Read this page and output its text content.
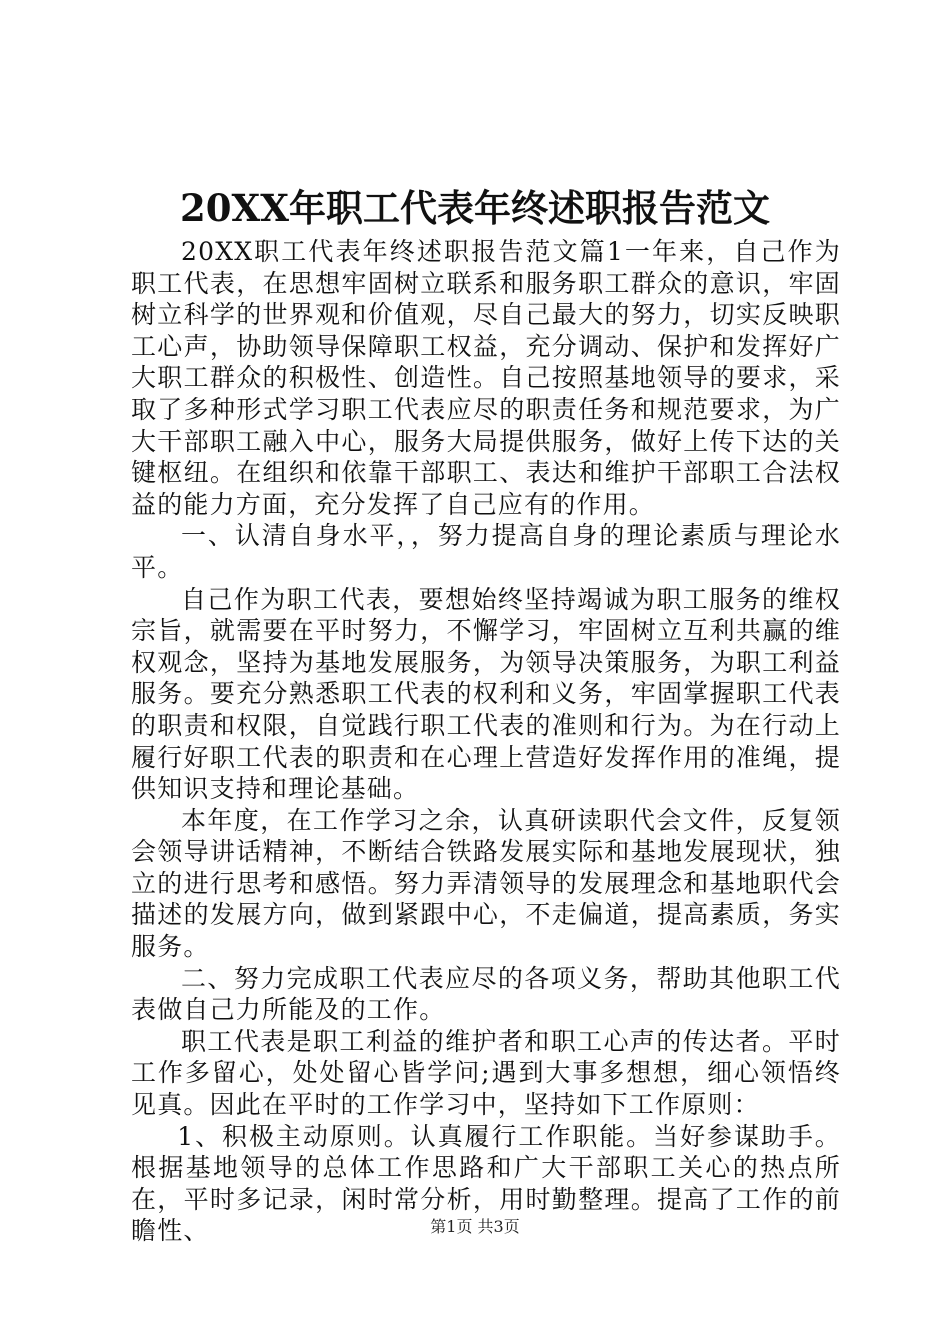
20XX年职工代表年终述职报告范文

20XX职工代表年终述职报告范文篇1一年来，自己作为职工代表，在思想牢固树立联系和服务职工群众的意识，牢固树立科学的世界观和价值观，尽自己最大的努力，切实反映职工心声，协助领导保障职工权益，充分调动、保护和发挥好广大职工群众的积极性、创造性。自己按照基地领导的要求，采取了多种形式学习职工代表应尽的职责任务和规范要求，为广大干部职工融入中心，服务大局提供服务，做好上传下达的关键枢纽。在组织和依靠干部职工、表达和维护干部职工合法权益的能力方面，充分发挥了自己应有的作用。

一、认清自身水平，，努力提高自身的理论素质与理论水平。

自己作为职工代表，要想始终坚持竭诚为职工服务的维权宗旨，就需要在平时努力，不懈学习，牢固树立互利共赢的维权观念，坚持为基地发展服务，为领导决策服务，为职工利益服务。要充分熟悉职工代表的权利和义务，牢固掌握职工代表的职责和权限，自觉践行职工代表的准则和行为。为在行动上履行好职工代表的职责和在心理上营造好发挥作用的准绳，提供知识支持和理论基础。

本年度，在工作学习之余，认真研读职代会文件，反复领会领导讲话精神，不断结合铁路发展实际和基地发展现状，独立的进行思考和感悟。努力弄清领导的发展理念和基地职代会描述的发展方向，做到紧跟中心，不走偏道，提高素质，务实服务。

二、努力完成职工代表应尽的各项义务，帮助其他职工代表做自己力所能及的工作。

职工代表是职工利益的维护者和职工心声的传达者。平时工作多留心，处处留心皆学问;遇到大事多想想，细心领悟终见真。因此在平时的工作学习中，坚持如下工作原则：

1、积极主动原则。认真履行工作职能。当好参谋助手。根据基地领导的总体工作思路和广大干部职工关心的热点所在，平时多记录，闲时常分析，用时勤整理。提高了工作的前瞻性、	第1页 共3页
